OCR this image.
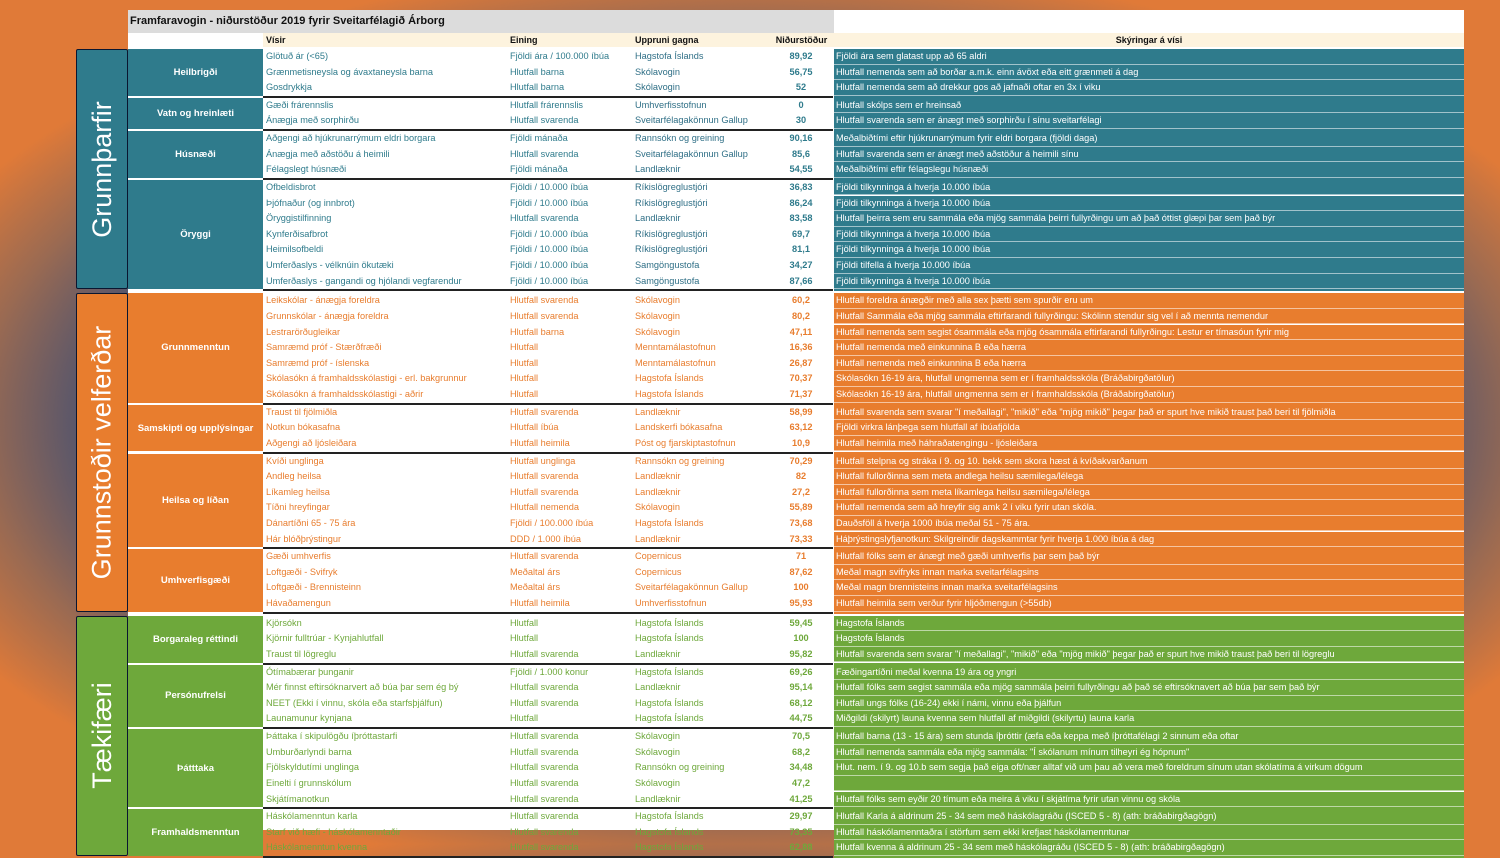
Grunnþarfir
Grunnstoðir velferðar
Tækifæri
Framfaravogin - niðurstöður 2019 fyrir Sveitarfélagið Árborg
Vísir	Eining	Uppruni gagna	Niðurstöður	Skýringar á vísi
Heilbrigði
Glötuð ár (<65)	Fjöldi ára / 100.000 íbúa	Hagstofa Íslands	89,92	Fjöldi ára sem glatast upp að 65 aldri
Grænmetisneysla og ávaxtaneysla barna	Hlutfall barna	Skólavogin	56,75	Hlutfall nemenda sem að borðar a.m.k. einn ávöxt eða eitt grænmeti á dag
Gosdrykkja	Hlutfall barna	Skólavogin	52	Hlutfall nemenda sem að drekkur gos að jafnaði oftar en 3x í viku
Vatn og hreinlæti
Gæði frárennslis	Hlutfall frárennslis	Umhverfisstofnun	0	Hlutfall skólps sem er hreinsað
Ánægja með sorphirðu	Hlutfall svarenda	Sveitarfélagakönnun Gallup	30	Hlutfall svarenda sem er ánægt með sorphirðu í sínu sveitarfélagi
Húsnæði
Aðgengi að hjúkrunarrýmum eldri borgara	Fjöldi mánaða	Rannsókn og greining	90,16	Meðalbiðtími eftir hjúkrunarrýmum fyrir eldri borgara (fjöldi daga)
Ánægja með aðstöðu á heimili	Hlutfall svarenda	Sveitarfélagakönnun Gallup	85,6	Hlutfall svarenda sem er ánægt með aðstöður á heimili sínu
Félagslegt húsnæði	Fjöldi mánaða	Landlæknir	54,55	Meðalbiðtími eftir félagslegu húsnæði
Öryggi
Ofbeldisbrot	Fjöldi / 10.000 íbúa	Ríkislögreglustjóri	36,83	Fjöldi tilkynninga á hverja 10.000 íbúa
Þjófnaður (og innbrot)	Fjöldi / 10.000 íbúa	Ríkislögreglustjóri	86,24	Fjöldi tilkynninga á hverja 10.000 íbúa
Öryggistilfinning	Hlutfall svarenda	Landlæknir	83,58	Hlutfall þeirra sem eru sammála eða mjög sammála þeirri fullyrðingu um að það óttist glæpi þar sem það býr
Kynferðisafbrot	Fjöldi / 10.000 íbúa	Ríkislögreglustjóri	69,7	Fjöldi tilkynninga á hverja 10.000 íbúa
Heimilsofbeldi	Fjöldi / 10.000 íbúa	Ríkislögreglustjóri	81,1	Fjöldi tilkynninga á hverja 10.000 íbúa
Umferðaslys - vélknúin ökutæki	Fjöldi / 10.000 íbúa	Samgöngustofa	34,27	Fjöldi tilfella á hverja 10.000 íbúa
Umferðaslys - gangandi og hjólandi vegfarendur	Fjöldi / 10.000 íbúa	Samgöngustofa	87,66	Fjöldi tilkynninga á hverja 10.000 íbúa
Grunnmenntun
Leikskólar - ánægja foreldra	Hlutfall svarenda	Skólavogin	60,2	Hlutfall foreldra ánægðir með alla sex þætti sem spurðir eru um
Grunnskólar - ánægja foreldra	Hlutfall svarenda	Skólavogin	80,2	Hlutfall Sammála eða mjög sammála eftirfarandi fullyrðingu: Skólinn stendur sig vel í að mennta nemendur
Lestrarörðugleikar	Hlutfall barna	Skólavogin	47,11	Hlutfall nemenda sem segist ósammála eða mjög ósammála eftirfarandi fullyrðingu: Lestur er tímasóun fyrir mig
Samræmd próf - Stærðfræði	Hlutfall	Menntamálastofnun	16,36	Hlutfall nemenda með einkunnina B eða hærra
Samræmd próf - íslenska	Hlutfall	Menntamálastofnun	26,87	Hlutfall nemenda með einkunnina B eða hærra
Skólasókn á framhaldsskólastigi - erl. bakgrunnur	Hlutfall	Hagstofa Íslands	70,37	Skólasókn 16-19 ára, hlutfall ungmenna sem er í framhaldsskóla (Bráðabirgðatölur)
Skólasókn á framhaldsskólastigi - aðrir	Hlutfall	Hagstofa Íslands	71,37	Skólasókn 16-19 ára, hlutfall ungmenna sem er í framhaldsskóla (Bráðabirgðatölur)
Samskipti og upplýsingar
Traust til fjölmiðla	Hlutfall svarenda	Landlæknir	58,99	Hlutfall svarenda sem svarar "í meðallagi", "mikið" eða "mjög mikið" þegar það er spurt hve mikið traust það beri til fjölmiðla
Notkun bókasafna	Hlutfall íbúa	Landskerfi bókasafna	63,12	Fjöldi virkra lánþega sem hlutfall af íbúafjölda
Aðgengi að ljósleiðara	Hlutfall heimila	Póst og fjarskiptastofnun	10,9	Hlutfall heimila með háhraðatengingu - ljósleiðara
Heilsa og líðan
Kvíði unglinga	Hlutfall unglinga	Rannsókn og greining	70,29	Hlutfall stelpna og stráka í 9. og 10. bekk sem skora hæst á kvíðakvarðanum
Andleg heilsa	Hlutfall svarenda	Landlæknir	82	Hlutfall fullorðinna sem meta andlega heilsu sæmilega/lélega
Líkamleg heilsa	Hlutfall svarenda	Landlæknir	27,2	Hlutfall fullorðinna sem meta líkamlega heilsu sæmilega/lélega
Tíðni hreyfingar	Hlutfall nemenda	Skólavogin	55,89	Hlutfall nemenda sem að hreyfir sig amk 2 í viku fyrir utan skóla.
Dánartíðni 65 - 75 ára	Fjöldi / 100.000 íbúa	Hagstofa Íslands	73,68	Dauðsföll á hverja 1000 íbúa meðal 51 - 75 ára.
Hár blóðþrýstingur	DDD / 1.000 íbúa	Landlæknir	73,33	Háþrýstingslyfjanotkun: Skilgreindir dagskammtar fyrir hverja 1.000 íbúa á dag
Umhverfisgæði
Gæði umhverfis	Hlutfall svarenda	Copernicus	71	Hlutfall fólks sem er ánægt með gæði umhverfis þar sem það býr
Loftgæði - Svifryk	Meðaltal árs	Copernicus	87,62	Meðal magn svifryks innan marka sveitarfélagsins
Loftgæði - Brennisteinn	Meðaltal árs	Sveitarfélagakönnun Gallup	100	Meðal magn brennisteins innan marka sveitarfélagsins
Hávaðamengun	Hlutfall heimila	Umhverfisstofnun	95,93	Hlutfall heimila sem verður fyrir hljóðmengun (>55db)
Borgaraleg réttindi
Kjörsókn	Hlutfall	Hagstofa Íslands	59,45	Hagstofa Íslands
Kjörnir fulltrúar - Kynjahlutfall	Hlutfall	Hagstofa Íslands	100	Hagstofa Íslands
Traust til lögreglu	Hlutfall svarenda	Landlæknir	95,82	Hlutfall svarenda sem svarar "í meðallagi", "mikið" eða "mjög mikið" þegar það er spurt hve mikið traust það beri til lögreglu
Persónufrelsi
Ótímabærar þunganir	Fjöldi / 1.000 konur	Hagstofa Íslands	69,26	Fæðingartíðni meðal kvenna 19 ára og yngri
Mér finnst eftirsóknarvert að búa þar sem ég bý	Hlutfall svarenda	Landlæknir	95,14	Hlutfall fólks sem segist sammála eða mjög sammála þeirri fullyrðingu að það sé eftirsóknavert að búa þar sem það býr
NEET (Ekki í vinnu, skóla eða starfsþjálfun)	Hlutfall svarenda	Hagstofa Íslands	68,12	Hlutfall ungs fólks (16-24) ekki í námi, vinnu eða þjálfun
Launamunur kynjana	Hlutfall	Hagstofa Íslands	44,75	Miðgildi (skilyrt) launa kvenna sem hlutfall af miðgildi (skilyrtu) launa karla
Þátttaka
Þáttaka í skipulögðu íþróttastarfi	Hlutfall svarenda	Skólavogin	70,5	Hlutfall barna (13 - 15 ára) sem stunda íþróttir (æfa eða keppa með íþróttafélagi 2 sinnum eða oftar
Umburðarlyndi barna	Hlutfall svarenda	Skólavogin	68,2	Hlutfall nemenda sammála eða mjög sammála: "Í skólanum mínum tilheyri ég hópnum"
Fjölskyldutími unglinga	Hlutfall svarenda	Rannsókn og greining	34,48	Hlut. nem. í 9. og 10.b sem segja það eiga oft/nær alltaf við um þau að vera með foreldrum sínum utan skólatíma á virkum dögum
Einelti í grunnskólum	Hlutfall svarenda	Skólavogin	47,2
Skjátímanotkun	Hlutfall svarenda	Landlæknir	41,25	Hlutfall fólks sem eyðir 20 tímum eða meira á viku í skjátíma fyrir utan vinnu og skóla
Framhaldsmenntun
Háskólamenntun karla	Hlutfall svarenda	Hagstofa Íslands	29,97	Hlutfall Karla á aldrinum 25 - 34 sem með háskólagráðu (ISCED 5 - 8) (ath: bráðabirgðagögn)
Starf við hæfi - háskólamenntaðir	Hlutfall svarenda	Hagstofa Íslands	73,35	Hlutfall háskólamenntaðra í störfum sem ekki krefjast háskólamenntunar
Háskólamenntun kvenna	Hlutfall svarenda	Hagstofa Íslands	62,88	Hlutfall kvenna á aldrinum 25 - 34 sem með háskólagráðu (ISCED 5 - 8) (ath: bráðabirgðagögn)
